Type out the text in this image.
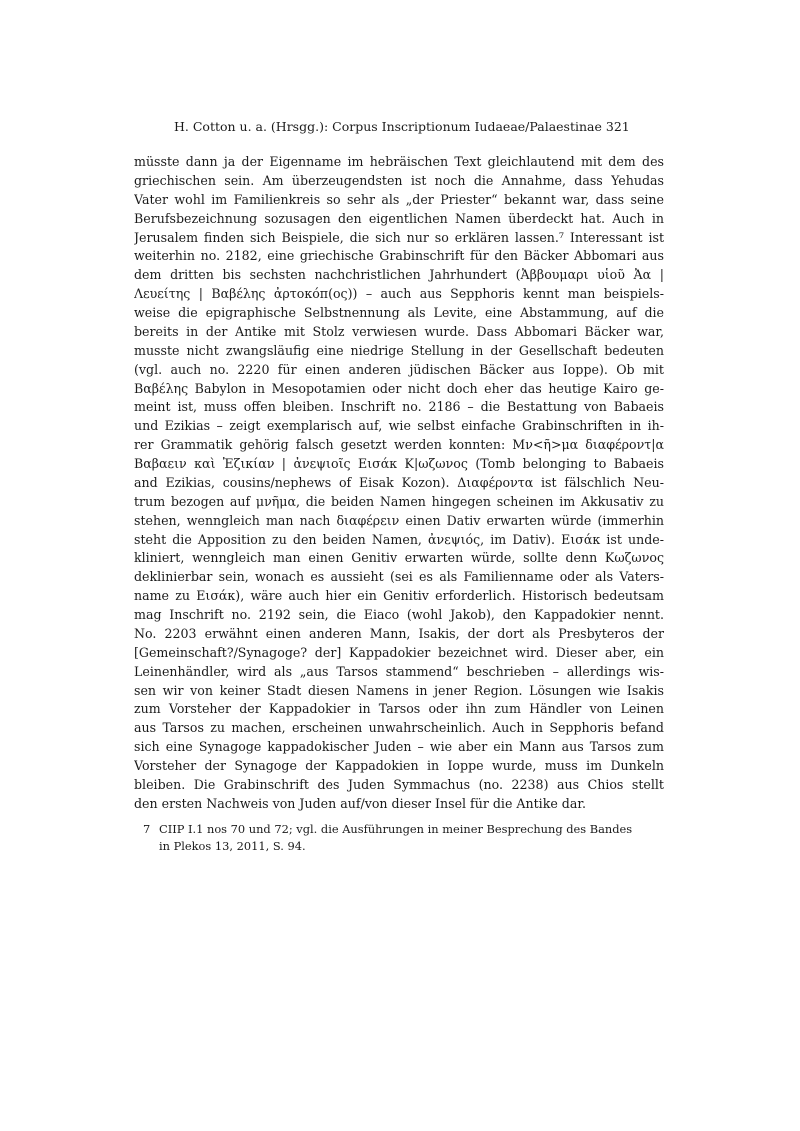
H. Cotton u. a. (Hrsgg.): Corpus Inscriptionum Iudaeae/Palaestinae 3 21
müsste dann ja der Eigenname im hebräischen Text gleichlautend mit dem des
griechischen sein. Am überzeugendsten ist noch die Annahme, dass Yehudas
Vater wohl im Familienkreis so sehr als „der Priester“ bekannt war, dass seine
Berufsbezeichnung sozusagen den eigentlichen Namen überdeckt hat. Auch in
Jerusalem finden sich Beispiele, die sich nur so erklären lassen.⁷ Interessant ist
weiterhin no. 2182, eine griechische Grabinschrift für den Bäcker Abbomari aus
dem dritten bis sechsten nachchristlichen Jahrhundert (Ἀββουμαρι υἱοῦ Ἀα |
Λευείτης | Βαβέλης ἀρτοκόπ(ος)) – auch aus Sepphoris kennt man beispiels-
weise die epigraphische Selbstnennung als Levite, eine Abstammung, auf die
bereits in der Antike mit Stolz verwiesen wurde. Dass Abbomari Bäcker war,
musste nicht zwangsläufig eine niedrige Stellung in der Gesellschaft bedeuten
(vgl. auch no. 2220 für einen anderen jüdischen Bäcker aus Ioppe). Ob mit
Βαβέλης Babylon in Mesopotamien oder nicht doch eher das heutige Kairo ge-
meint ist, muss offen bleiben. Inschrift no. 2186 – die Bestattung von Babaeis
und Ezikias – zeigt exemplarisch auf, wie selbst einfache Grabinschriften in ih-
rer Grammatik gehörig falsch gesetzt werden konnten: Μν<ῆ>μα διαφέροντ|α
Βαβαειν καὶ Ἐζικίαν | ἀνεψιοῖς Εισάκ Κ|ωζωνος (Tomb belonging to Babaeis
and Ezikias, cousins/nephews of Eisak Kozon). Διαφέροντα ist fälschlich Neu-
trum bezogen auf μνῆμα, die beiden Namen hingegen scheinen im Akkusativ zu
stehen, wenngleich man nach διαφέρειν einen Dativ erwarten würde (immerhin
steht die Apposition zu den beiden Namen, ἀνεψιός, im Dativ). Εισάκ ist unde-
kliniert, wenngleich man einen Genitiv erwarten würde, sollte denn Κωζωνος
deklinierbar sein, wonach es aussieht (sei es als Familienname oder als Vaters-
name zu Εισάκ), wäre auch hier ein Genitiv erforderlich. Historisch bedeutsam
mag Inschrift no. 2192 sein, die Eiaco (wohl Jakob), den Kappadokier nennt.
No. 2203 erwähnt einen anderen Mann, Isakis, der dort als Presbyteros der
[Gemeinschaft?/Synagoge? der] Kappadokier bezeichnet wird. Dieser aber, ein
Leinenhändler, wird als „aus Tarsos stammend“ beschrieben – allerdings wis-
sen wir von keiner Stadt diesen Namens in jener Region. Lösungen wie Isakis
zum Vorsteher der Kappadokier in Tarsos oder ihn zum Händler von Leinen
aus Tarsos zu machen, erscheinen unwahrscheinlich. Auch in Sepphoris befand
sich eine Synagoge kappadokischer Juden – wie aber ein Mann aus Tarsos zum
Vorsteher der Synagoge der Kappadokien in Ioppe wurde, muss im Dunkeln
bleiben. Die Grabinschrift des Juden Symmachus (no. 2238) aus Chios stellt
den ersten Nachweis von Juden auf/von dieser Insel für die Antike dar.
7 CIIP I.1 nos 70 und 72; vgl. die Ausführungen in meiner Besprechung des Bandes
in Plekos 13, 2011, S. 94.
